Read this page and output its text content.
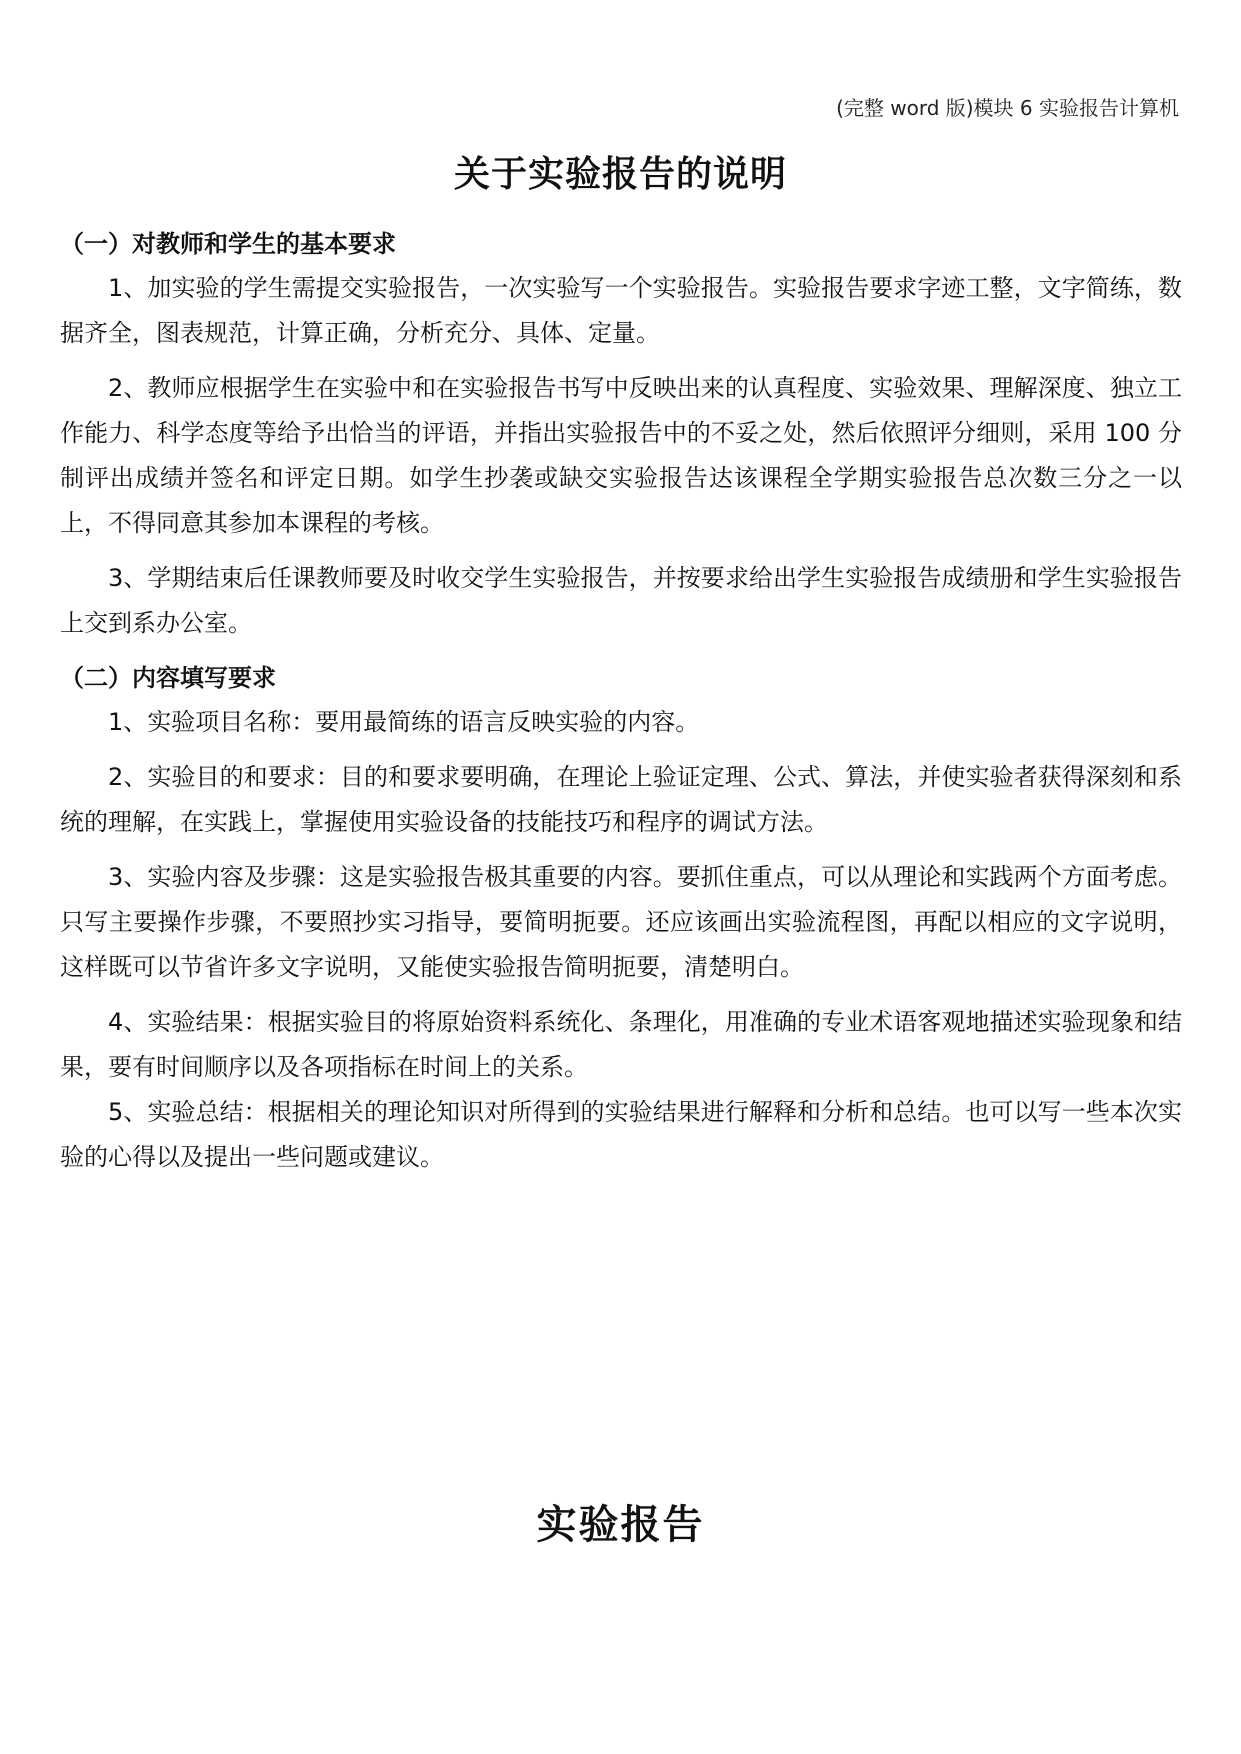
(完整 word 版)模块 6 实验报告计算机
关于实验报告的说明
（一）对教师和学生的基本要求

1、加实验的学生需提交实验报告，一次实验写一个实验报告。实验报告要求字迹工整，文字简练，数据齐全，图表规范，计算正确，分析充分、具体、定量。

2、教师应根据学生在实验中和在实验报告书写中反映出来的认真程度、实验效果、理解深度、独立工作能力、科学态度等给予出恰当的评语，并指出实验报告中的不妥之处，然后依照评分细则，采用 100 分制评出成绩并签名和评定日期。如学生抄袭或缺交实验报告达该课程全学期实验报告总次数三分之一以上，不得同意其参加本课程的考核。

3、学期结束后任课教师要及时收交学生实验报告，并按要求给出学生实验报告成绩册和学生实验报告上交到系办公室。

（二）内容填写要求

1、实验项目名称：要用最简练的语言反映实验的内容。

2、实验目的和要求：目的和要求要明确，在理论上验证定理、公式、算法，并使实验者获得深刻和系统的理解，在实践上，掌握使用实验设备的技能技巧和程序的调试方法。

3、实验内容及步骤：这是实验报告极其重要的内容。要抓住重点，可以从理论和实践两个方面考虑。只写主要操作步骤，不要照抄实习指导，要简明扼要。还应该画出实验流程图，再配以相应的文字说明，这样既可以节省许多文字说明，又能使实验报告简明扼要，清楚明白。

4、实验结果：根据实验目的将原始资料系统化、条理化，用准确的专业术语客观地描述实验现象和结果，要有时间顺序以及各项指标在时间上的关系。

5、实验总结：根据相关的理论知识对所得到的实验结果进行解释和分析和总结。也可以写一些本次实验的心得以及提出一些问题或建议。

实验报告
